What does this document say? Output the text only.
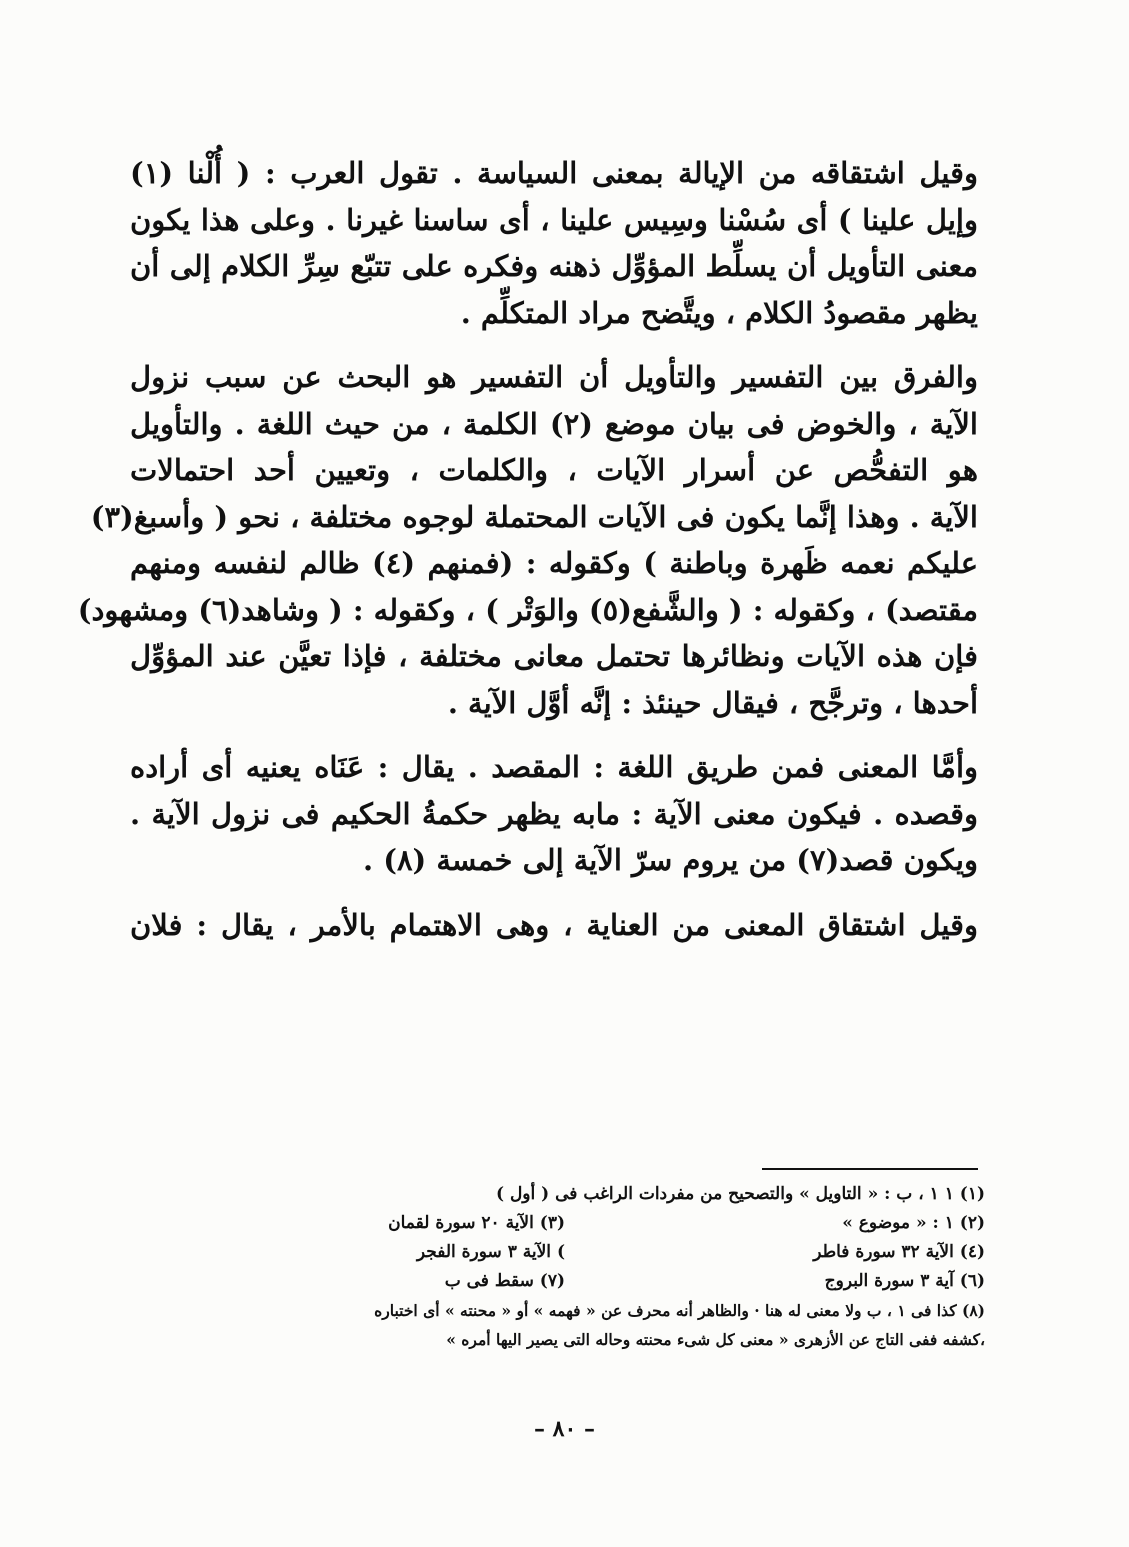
وقيل اشتقاقه من الإيالة بمعنى السياسة . تقول العرب : ( أُلْنا (١)
وإيل علينا ) أى سُسْنا وسِيس علينا ، أى ساسنا غيرنا . وعلى هذا يكون
معنى التأويل أن يسلِّط المؤوِّل ذهنه وفكره على تتبّع سِرِّ الكلام إلى أن
يظهر مقصودُ الكلام ، ويتَّضح مراد المتكلِّم .
والفرق بين التفسير والتأويل أن التفسير هو البحث عن سبب نزول
الآية ، والخوض فى بيان موضع (٢) الكلمة ، من حيث اللغة . والتأويل
هو التفحُّص عن أسرار الآيات ، والكلمات ، وتعيين أحد احتمالات
الآية . وهذا إنَّما يكون فى الآيات المحتملة لوجوه مختلفة ، نحو ( وأسبغ(٣)
عليكم نعمه ظَهرة وباطنة ) وكقوله : (فمنهم (٤) ظالم لنفسه ومنهم
مقتصد) ، وكقوله : ( والشَّفع(٥) والوَتْر ) ، وكقوله : ( وشاهد(٦) ومشهود)
فإن هذه الآيات ونظائرها تحتمل معانى مختلفة ، فإذا تعيَّن عند المؤوِّل
أحدها ، وترجَّح ، فيقال حينئذ : إنَّه أوَّل الآية .
وأمَّا المعنى فمن طريق اللغة : المقصد . يقال : عَنَاه يعنيه أى أراده
وقصده . فيكون معنى الآية : مابه يظهر حكمةُ الحكيم فى نزول الآية .
ويكون قصد(٧) من يروم سرّ الآية إلى خمسة (٨) .
وقيل اشتقاق المعنى من العناية ، وهى الاهتمام بالأمر ، يقال : فلان
(١) ١ ١ ، ب : « التاويل » والتصحيح من مفردات الراغب فى ( أول )
(٢) ١ : « موضوع »(٣) الآية ٢٠ سورة لقمان
(٤) الآية ٣٢ سورة فاطر) الآية ٣ سورة الفجر
(٦) آية ٣ سورة البروج(٧) سقط فى ب
(٨) كذا فى ١ ، ب ولا معنى له هنا · والظاهر أنه محرف عن « فهمه » أو « محنته » أى اختباره
،كشفه ففى التاج عن الأزهرى « معنى كل شىء محنته وحاله التى يصير اليها أمره »
– ٨٠ –
